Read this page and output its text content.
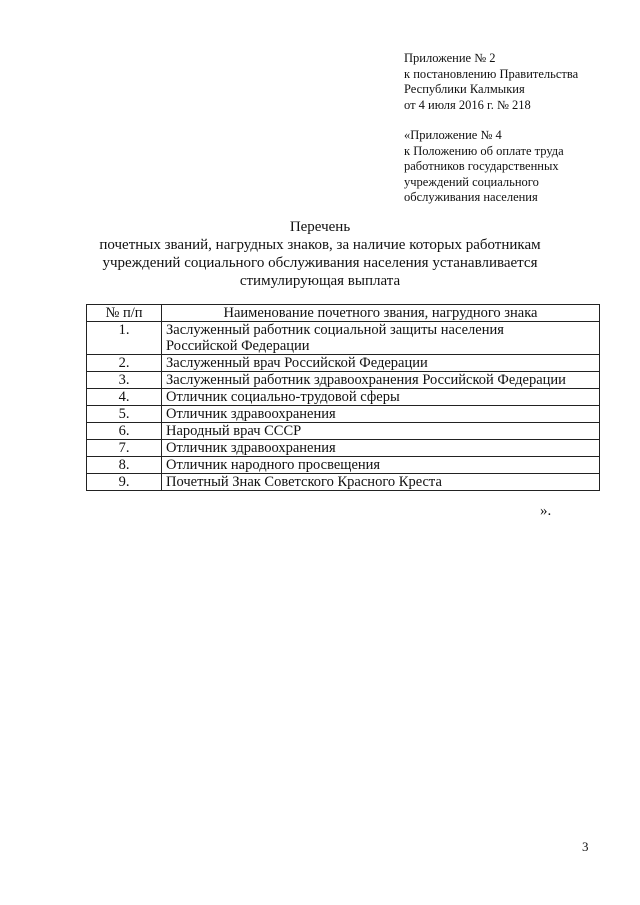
Приложение № 2
к постановлению Правительства
Республики Калмыкия
от 4 июля 2016 г. № 218
«Приложение № 4
к Положению об оплате труда
работников государственных
учреждений социального
обслуживания населения
Перечень
почетных званий, нагрудных знаков, за наличие которых работникам
учреждений социального обслуживания населения устанавливается
стимулирующая выплата
№ п/п	Наименование почетного звания, нагрудного знака
1.	Заслуженный работник социальной защиты населения
Российской Федерации

2.	Заслуженный врач Российской Федерации
3.	Заслуженный работник здравоохранения Российской Федерации
4.	Отличник социально-трудовой сферы
5.	Отличник здравоохранения
6.	Народный врач СССР
7.	Отличник здравоохранения
8.	Отличник народного просвещения
9.	Почетный Знак Советского Красного Креста
».
3
